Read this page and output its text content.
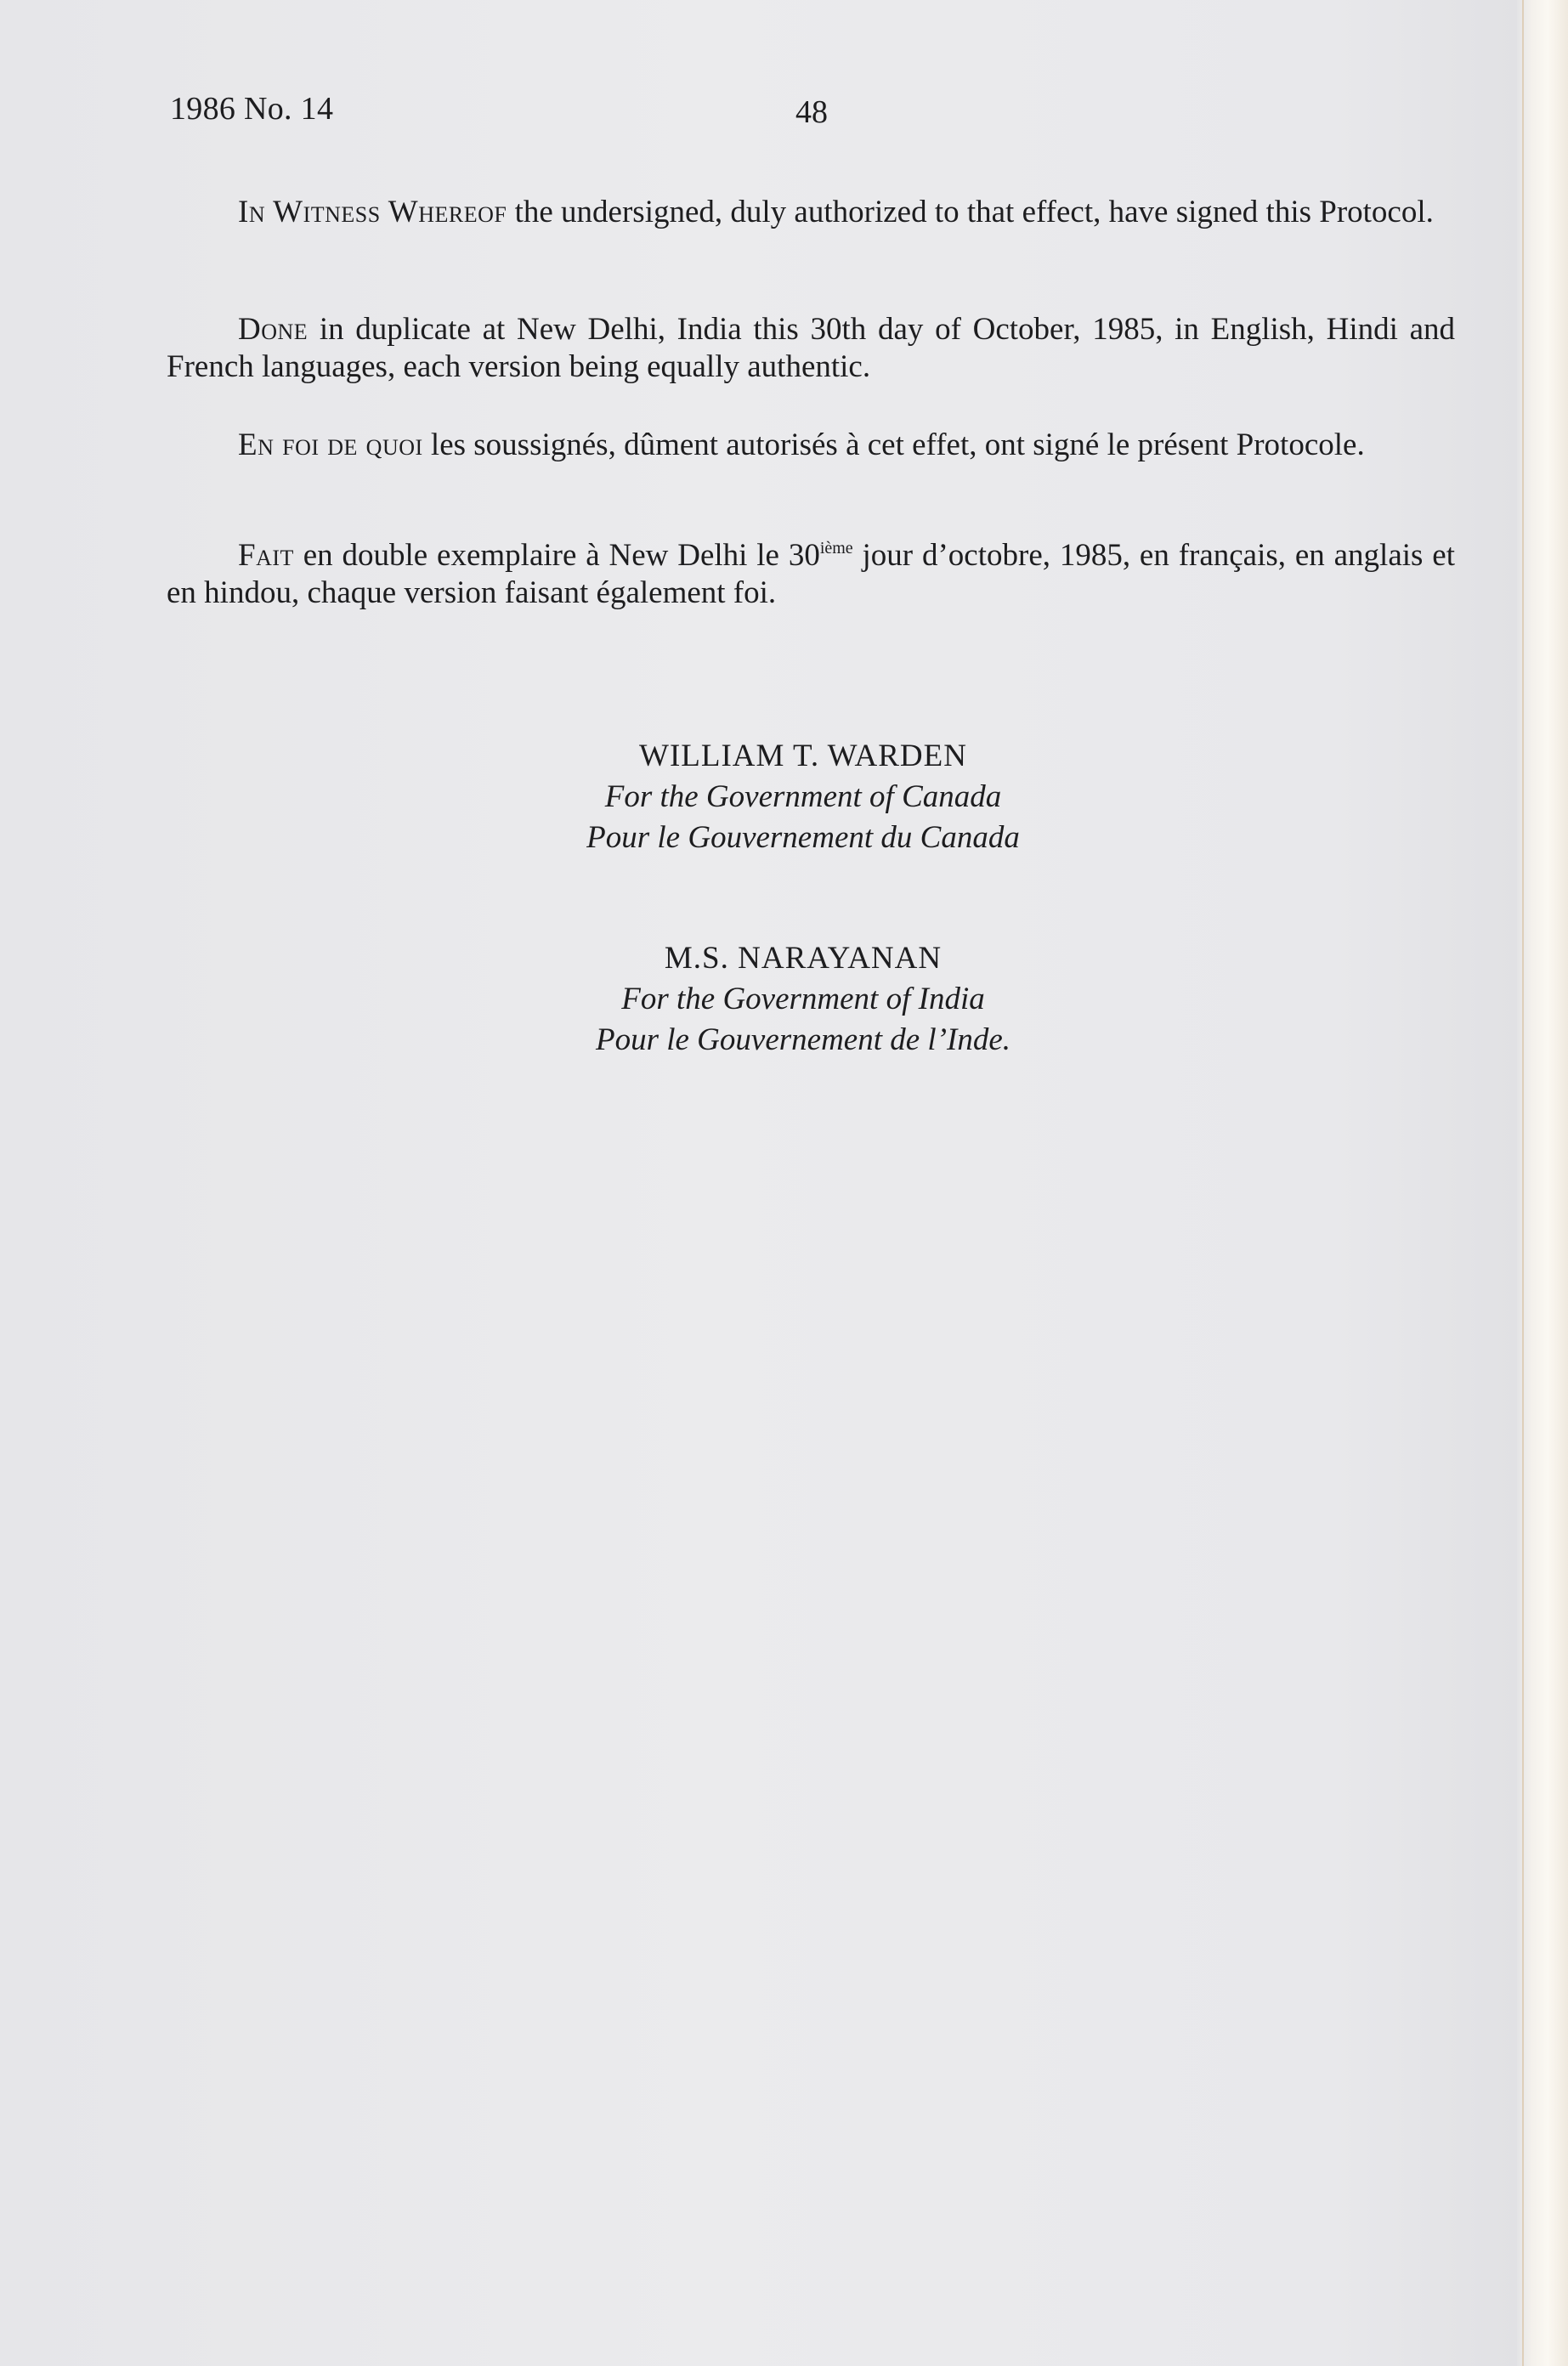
1986 No. 14	48

In Witness Whereof the undersigned, duly authorized to that effect, have signed this Protocol.

Done in duplicate at New Delhi, India this 30th day of October, 1985, in English, Hindi and French languages, each version being equally authentic.

En foi de quoi les soussignés, dûment autorisés à cet effet, ont signé le présent Protocole.

Fait en double exemplaire à New Delhi le 30ième jour d’octobre, 1985, en français, en anglais et en hindou, chaque version faisant également foi.

WILLIAM T. WARDEN
For the Government of Canada
Pour le Gouvernement du Canada
M.S. NARAYANAN
For the Government of India
Pour le Gouvernement de l’Inde.
